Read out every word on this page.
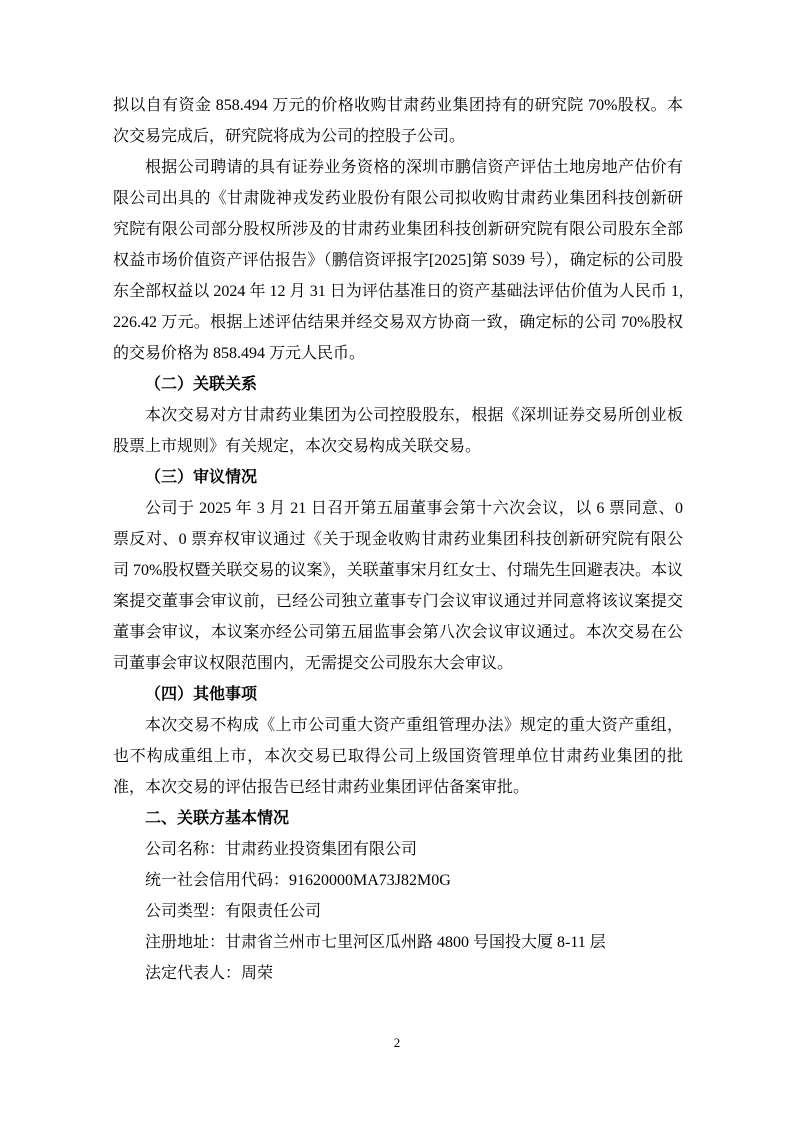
拟以自有资金 858.494 万元的价格收购甘肃药业集团持有的研究院 70%股权。本次交易完成后，研究院将成为公司的控股子公司。

根据公司聘请的具有证券业务资格的深圳市鹏信资产评估土地房地产估价有限公司出具的《甘肃陇神戎发药业股份有限公司拟收购甘肃药业集团科技创新研究院有限公司部分股权所涉及的甘肃药业集团科技创新研究院有限公司股东全部权益市场价值资产评估报告》（鹏信资评报字[2025]第 S039 号），确定标的公司股东全部权益以 2024 年 12 月 31 日为评估基准日的资产基础法评估价值为人民币 1,226.42 万元。根据上述评估结果并经交易双方协商一致，确定标的公司 70%股权的交易价格为 858.494 万元人民币。

（二）关联关系

本次交易对方甘肃药业集团为公司控股股东，根据《深圳证券交易所创业板股票上市规则》有关规定，本次交易构成关联交易。

（三）审议情况

公司于 2025 年 3 月 21 日召开第五届董事会第十六次会议，以 6 票同意、0 票反对、0 票弃权审议通过《关于现金收购甘肃药业集团科技创新研究院有限公司 70%股权暨关联交易的议案》，关联董事宋月红女士、付瑞先生回避表决。本议案提交董事会审议前，已经公司独立董事专门会议审议通过并同意将该议案提交董事会审议，本议案亦经公司第五届监事会第八次会议审议通过。本次交易在公司董事会审议权限范围内，无需提交公司股东大会审议。

（四）其他事项

本次交易不构成《上市公司重大资产重组管理办法》规定的重大资产重组，也不构成重组上市，本次交易已取得公司上级国资管理单位甘肃药业集团的批准，本次交易的评估报告已经甘肃药业集团评估备案审批。

二、关联方基本情况

公司名称：甘肃药业投资集团有限公司

统一社会信用代码：91620000MA73J82M0G

公司类型：有限责任公司

注册地址：甘肃省兰州市七里河区瓜州路 4800 号国投大厦 8-11 层

法定代表人：周荣

2
